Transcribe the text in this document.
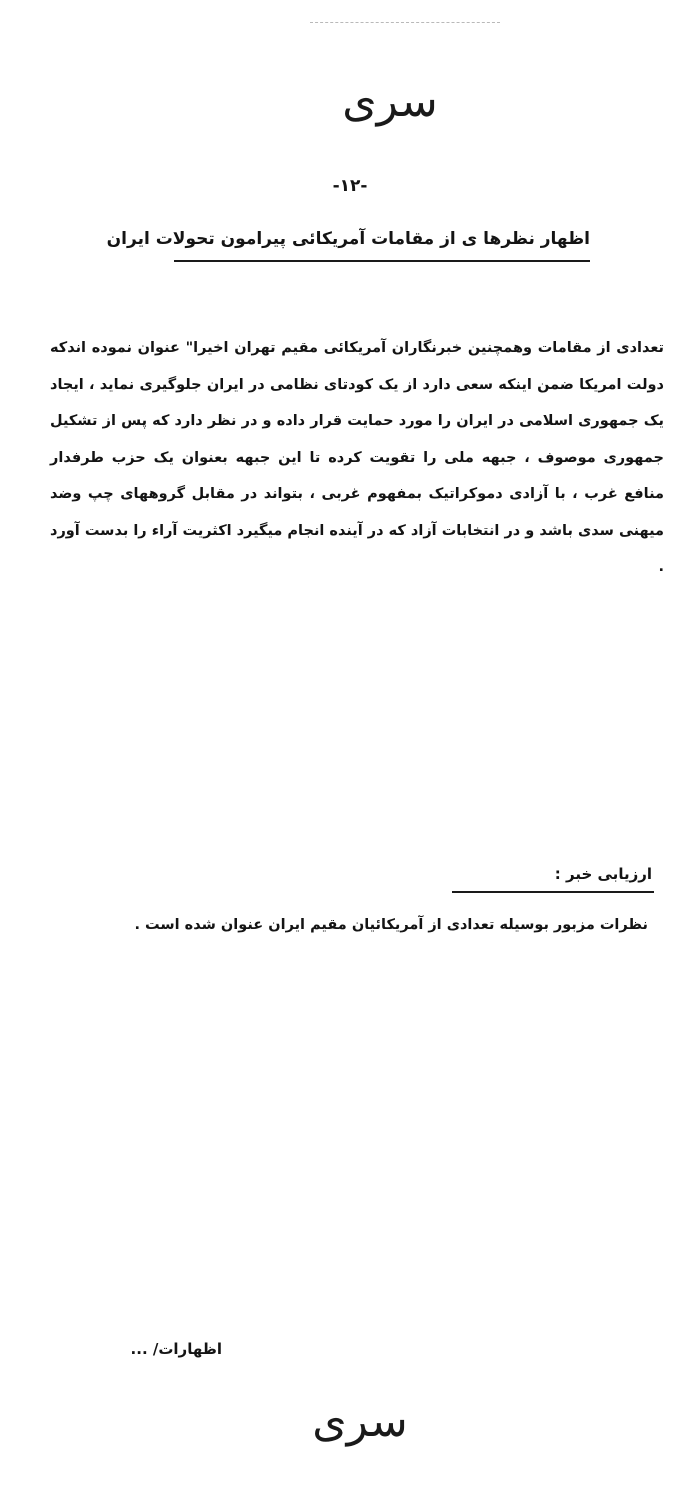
سری
-۱۲-
اظهار نظرها ی از مقامات آمریکائی پیرامون تحولات ایران
تعدادی از مقامات وهمچنین خبرنگاران آمریکائی مقیم تهران اخیرا" عنوان نموده اندکه دولت امریکا ضمن اینکه سعی دارد از یک کودتای نظامی در ایران جلوگیری نماید ، ایجاد یک جمهوری اسلامی در ایران را مورد حمایت قرار داده و در نظر دارد که پس از تشکیل جمهوری موصوف ، جبهه ملی را تقویت کرده تا این جبهه بعنوان یک حزب طرفدار منافع غرب ، با آزادی دموکراتیک بمفهوم غربی ، بتواند در مقابل گروههای چپ وضد میهنی سدی باشد و در انتخابات آزاد که در آینده انجام میگیرد اکثریت آراء را بدست آورد .
ارزیابی خبر :
نظرات مزبور بوسیله تعدادی از آمریکائیان مقیم ایران عنوان شده است .
اظهارات/ ...
سری
